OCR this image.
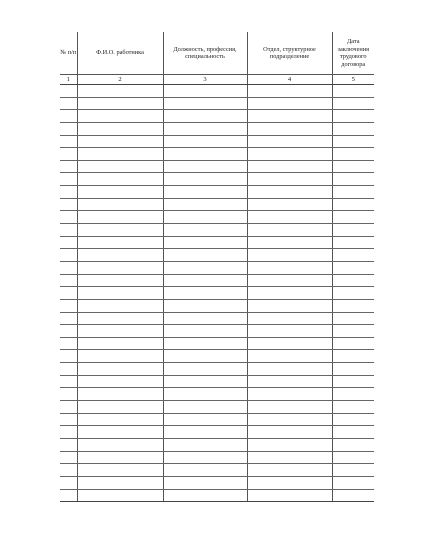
№ п/п	Ф.И.О. работника	Должность, профессия, специальность	Отдел, структурное подразделение	Дата заключения трудового договора
1	2	3	4	5
